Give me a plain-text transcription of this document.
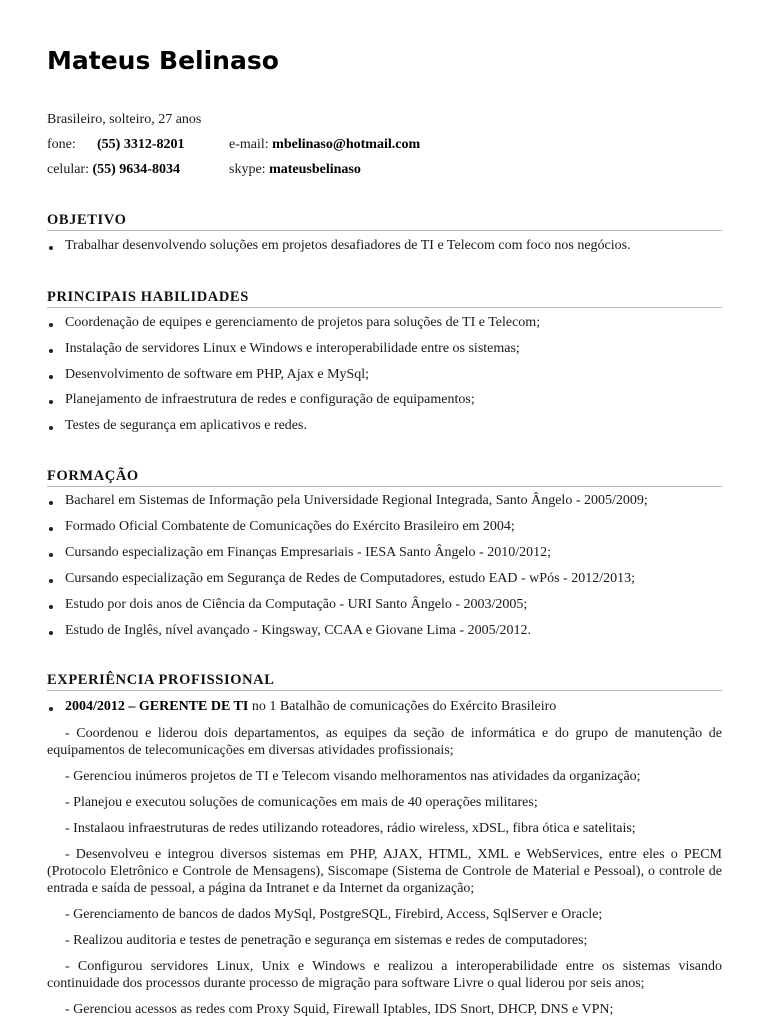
Mateus Belinaso
Brasileiro, solteiro, 27 anos
fone: (55) 3312-8201	e-mail: mbelinaso@hotmail.com
celular: (55) 9634-8034	skype: mateusbelinaso
OBJETIVO
Trabalhar desenvolvendo soluções em projetos desafiadores de TI e Telecom com foco nos negócios.
PRINCIPAIS HABILIDADES
Coordenação de equipes e gerenciamento de projetos para soluções de TI e Telecom;
Instalação de servidores Linux e Windows e interoperabilidade entre os sistemas;
Desenvolvimento de software em PHP, Ajax e MySql;
Planejamento de infraestrutura de redes e configuração de equipamentos;
Testes de segurança em aplicativos e redes.
FORMAÇÃO
Bacharel em Sistemas de Informação pela Universidade Regional Integrada, Santo Ângelo - 2005/2009;
Formado Oficial Combatente de Comunicações do Exército Brasileiro em 2004;
Cursando especialização em Finanças Empresariais - IESA Santo Ângelo - 2010/2012;
Cursando especialização em Segurança de Redes de Computadores, estudo EAD - wPós - 2012/2013;
Estudo por dois anos de Ciência da Computação - URI Santo Ângelo - 2003/2005;
Estudo de Inglês, nível avançado - Kingsway, CCAA e Giovane Lima - 2005/2012.
EXPERIÊNCIA PROFISSIONAL
2004/2012 – GERENTE DE TI no 1 Batalhão de comunicações do Exército Brasileiro
- Coordenou e liderou dois departamentos, as equipes da seção de informática e do grupo de manutenção de equipamentos de telecomunicações em diversas atividades profissionais;
- Gerenciou inúmeros projetos de TI e Telecom visando melhoramentos nas atividades da organização;
- Planejou e executou soluções de comunicações em mais de 40 operações militares;
- Instalaou infraestruturas de redes utilizando roteadores, rádio wireless, xDSL, fibra ótica e satelitais;
- Desenvolveu e integrou diversos sistemas em PHP, AJAX, HTML, XML e WebServices, entre eles o PECM (Protocolo Eletrônico e Controle de Mensagens), Siscomape (Sistema de Controle de Material e Pessoal), o controle de entrada e saída de pessoal, a página da Intranet e da Internet da organização;
- Gerenciamento de bancos de dados MySql, PostgreSQL, Firebird, Access, SqlServer e Oracle;
- Realizou auditoria e testes de penetração e segurança em sistemas e redes de computadores;
- Configurou servidores Linux, Unix e Windows e realizou a interoperabilidade entre os sistemas visando continuidade dos processos durante processo de migração para software Livre o qual liderou por seis anos;
- Gerenciou acessos as redes com Proxy Squid, Firewall Iptables, IDS Snort, DHCP, DNS e VPN;
